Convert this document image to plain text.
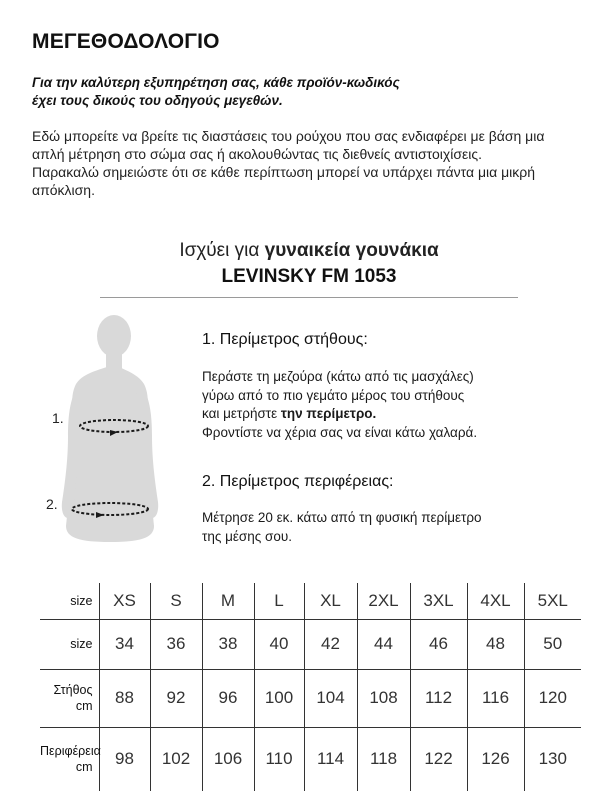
ΜΕΓΕΘΟΔΟΛΟΓΙΟ
Για την καλύτερη εξυπηρέτηση σας, κάθε προϊόν-κωδικός
έχει τους δικούς του οδηγούς μεγεθών.

Εδώ μπορείτε να βρείτε τις διαστάσεις του ρούχου που σας ενδιαφέρει με βάση μια απλή μέτρηση στο σώμα σας ή ακολουθώντας τις διεθνείς αντιστοιχίσεις.

Παρακαλώ σημειώστε ότι σε κάθε περίπτωση μπορεί να υπάρχει πάντα μια μικρή απόκλιση.

Ισχύει για γυναικεία γουνάκια
LEVINSKY FM 1053
1.
2.
1. Περίμετρος στήθους:
Περάστε τη μεζούρα (κάτω από τις μασχάλες)
γύρω από το πιο γεμάτο μέρος του στήθους
και μετρήστε την περίμετρο.
Φροντίστε να χέρια σας να είναι κάτω χαλαρά.
2. Περίμετρος περιφέρειας:
Μέτρησε 20 εκ. κάτω από τη φυσική περίμετρο
της μέσης σου.
size	XS	S	M	L	XL	2XL	3XL	4XL	5XL

size	34	36	38	40	42	44	46	48	50

Στήθος
cm	88	92	96	100	104	108	112	116	120

Περιφέρεια
cm	98	102	106	110	114	118	122	126	130
